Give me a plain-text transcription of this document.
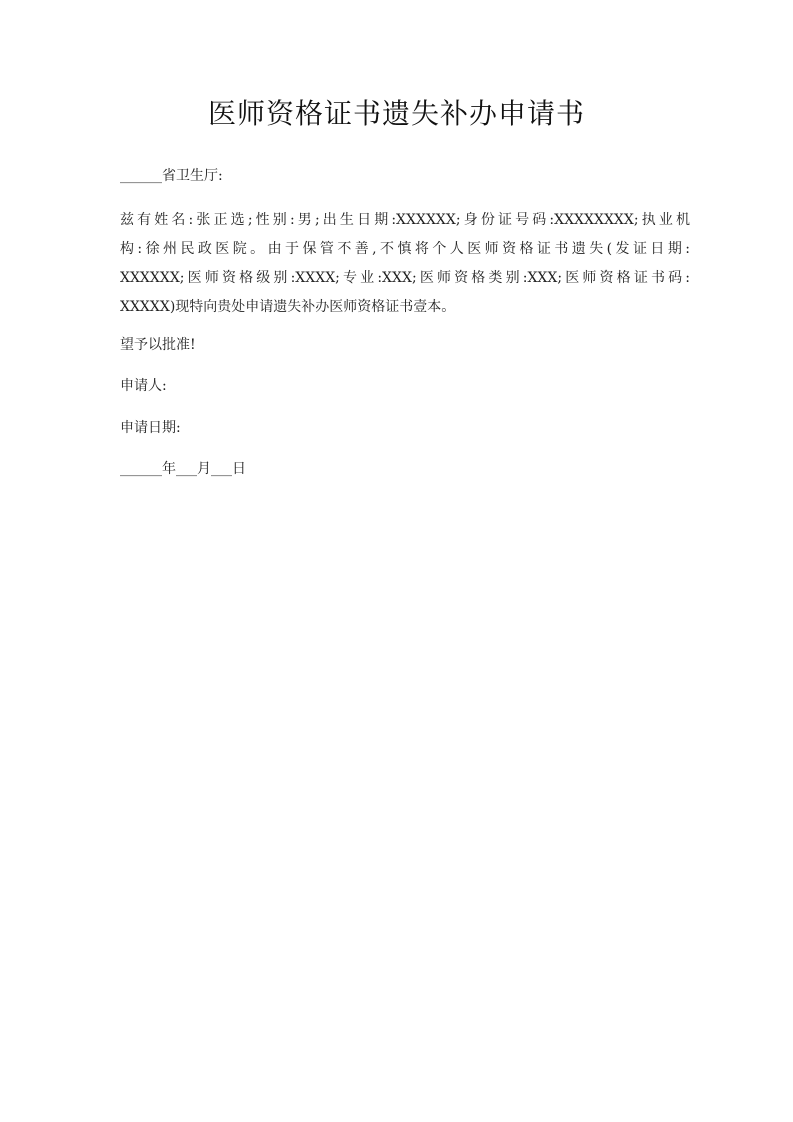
医师资格证书遗失补办申请书
______省卫生厅:
兹有姓名:张正选;性别:男;出生日期:XXXXXX;身份证号码:XXXXXXXX;执业机
构:徐州民政医院。由于保管不善,不慎将个人医师资格证书遗失(发证日期:
XXXXXX;医师资格级别:XXXX;专业:XXX;医师资格类别:XXX;医师资格证书码:
XXXXX)现特向贵处申请遗失补办医师资格证书壹本。
望予以批准!
申请人:
申请日期:
______年___月___日
